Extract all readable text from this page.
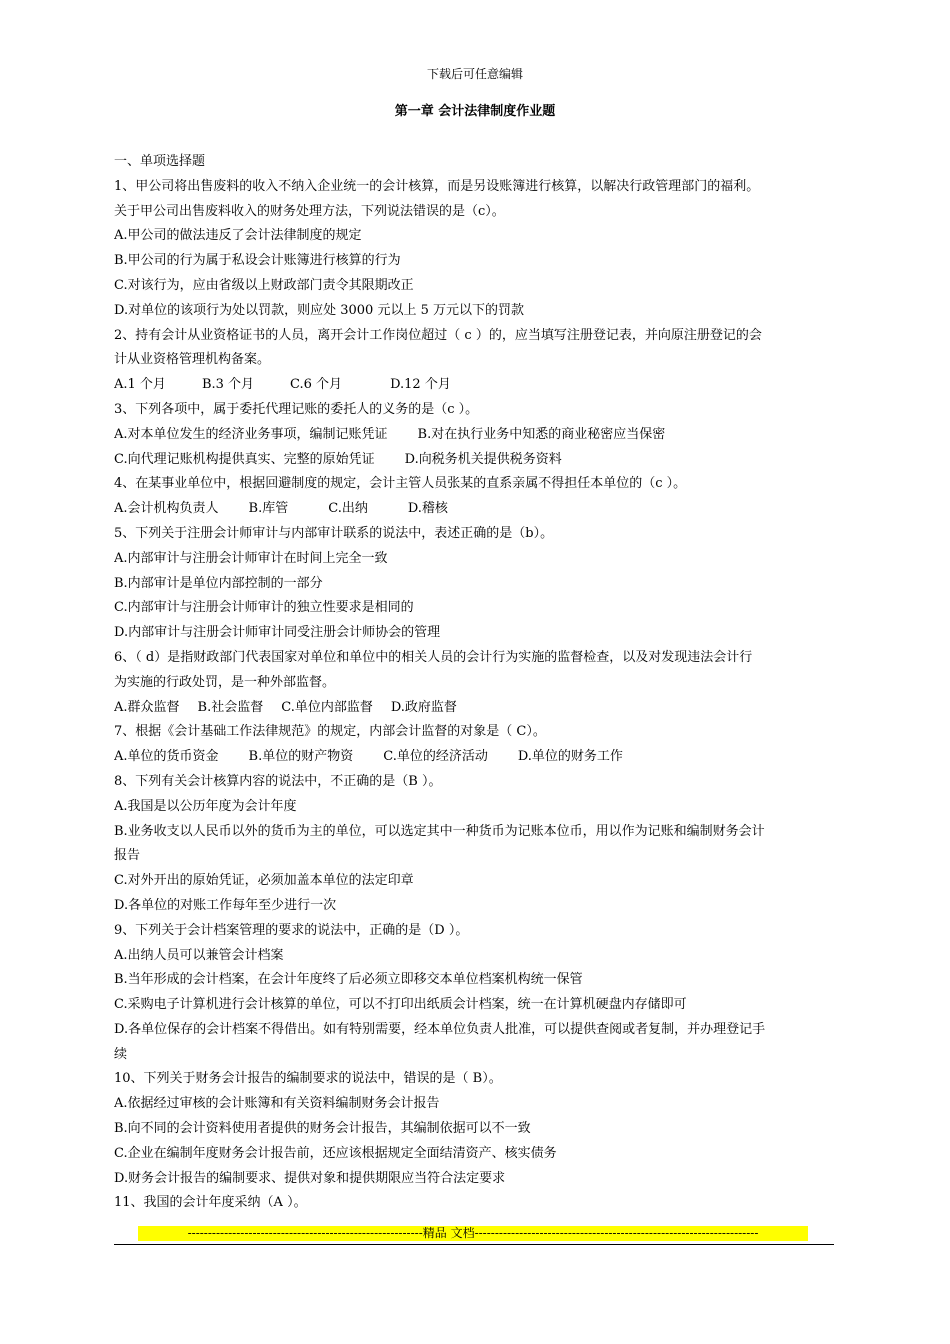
下载后可任意编辑
第一章 会计法律制度作业题
一、单项选择题
1、甲公司将出售废料的收入不纳入企业统一的会计核算，而是另设账簿进行核算，以解决行政管理部门的福利。
关于甲公司出售废料收入的财务处理方法，下列说法错误的是（c）。
A.甲公司的做法违反了会计法律制度的规定
B.甲公司的行为属于私设会计账簿进行核算的行为
C.对该行为，应由省级以上财政部门责令其限期改正
D.对单位的该项行为处以罚款，则应处 3000 元以上 5 万元以下的罚款
2、持有会计从业资格证书的人员，离开会计工作岗位超过（ c ）的，应当填写注册登记表，并向原注册登记的会
计从业资格管理机构备案。
A.1 个月	B.3 个月	C.6 个月	D.12 个月
3、下列各项中，属于委托代理记账的委托人的义务的是（c ）。
A.对本单位发生的经济业务事项，编制记账凭证 B.对在执行业务中知悉的商业秘密应当保密
C.向代理记账机构提供真实、完整的原始凭证 D.向税务机关提供税务资料
4、在某事业单位中，根据回避制度的规定，会计主管人员张某的直系亲属不得担任本单位的（c ）。
A.会计机构负责人 B.库管	C.出纳	D.稽核
5、下列关于注册会计师审计与内部审计联系的说法中，表述正确的是（b）。
A.内部审计与注册会计师审计在时间上完全一致
B.内部审计是单位内部控制的一部分
C.内部审计与注册会计师审计的独立性要求是相同的
D.内部审计与注册会计师审计同受注册会计师协会的管理
6、（ d）是指财政部门代表国家对单位和单位中的相关人员的会计行为实施的监督检查，以及对发现违法会计行
为实施的行政处罚，是一种外部监督。
A.群众监督 B.社会监督 C.单位内部监督 D.政府监督
7、根据《会计基础工作法律规范》的规定，内部会计监督的对象是（ C）。
A.单位的货币资金 B.单位的财产物资 C.单位的经济活动 D.单位的财务工作
8、下列有关会计核算内容的说法中，不正确的是（B ）。
A.我国是以公历年度为会计年度
B.业务收支以人民币以外的货币为主的单位，可以选定其中一种货币为记账本位币，用以作为记账和编制财务会计
报告
C.对外开出的原始凭证，必须加盖本单位的法定印章
D.各单位的对账工作每年至少进行一次
9、下列关于会计档案管理的要求的说法中，正确的是（D ）。
A.出纳人员可以兼管会计档案
B.当年形成的会计档案，在会计年度终了后必须立即移交本单位档案机构统一保管
C.采购电子计算机进行会计核算的单位，可以不打印出纸质会计档案，统一在计算机硬盘内存储即可
D.各单位保存的会计档案不得借出。如有特别需要，经本单位负责人批准，可以提供查阅或者复制，并办理登记手
续
10、下列关于财务会计报告的编制要求的说法中，错误的是（ B）。
A.依据经过审核的会计账簿和有关资料编制财务会计报告
B.向不同的会计资料使用者提供的财务会计报告，其编制依据可以不一致
C.企业在编制年度财务会计报告前，还应该根据规定全面结清资产、核实债务
D.财务会计报告的编制要求、提供对象和提供期限应当符合法定要求
11、我国的会计年度采纳（A ）。
----------------------------------------------------------精品 文档----------------------------------------------------------------------
